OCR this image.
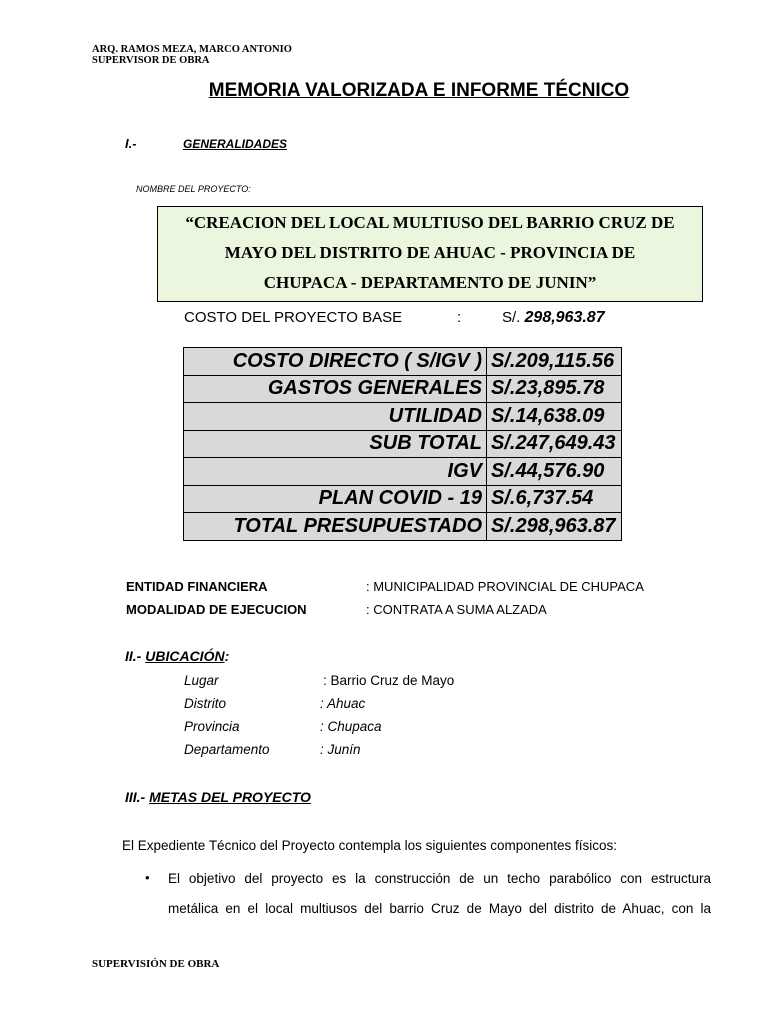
ARQ. RAMOS MEZA, MARCO ANTONIO
SUPERVISOR DE OBRA
MEMORIA VALORIZADA E INFORME TÉCNICO
I.-	GENERALIDADES
NOMBRE DEL PROYECTO:
“CREACION DEL LOCAL MULTIUSO DEL BARRIO CRUZ DE
MAYO DEL DISTRITO DE AHUAC - PROVINCIA DE
CHUPACA - DEPARTAMENTO DE JUNIN”
COSTO DEL PROYECTO BASE	:	S/. 298,963.87
COSTO DIRECTO ( S/IGV )	S/.209,115.56
GASTOS GENERALES	S/.23,895.78
UTILIDAD	S/.14,638.09
SUB TOTAL	S/.247,649.43
IGV	S/.44,576.90
PLAN COVID - 19	S/.6,737.54
TOTAL PRESUPUESTADO	S/.298,963.87
ENTIDAD FINANCIERA	: MUNICIPALIDAD PROVINCIAL DE CHUPACA
MODALIDAD DE EJECUCION	: CONTRATA A SUMA ALZADA
II.- UBICACIÓN:
Lugar	: Barrio Cruz de Mayo
Distrito	: Ahuac
Provincia	: Chupaca
Departamento	: Junín
III.- METAS DEL PROYECTO
El Expediente Técnico del Proyecto contempla los siguientes componentes físicos:
• El objetivo del proyecto es la construcción de un techo parabólico con estructura
metálica en el local multiusos del barrio Cruz de Mayo del distrito de Ahuac, con la
SUPERVISIÓN DE OBRA
